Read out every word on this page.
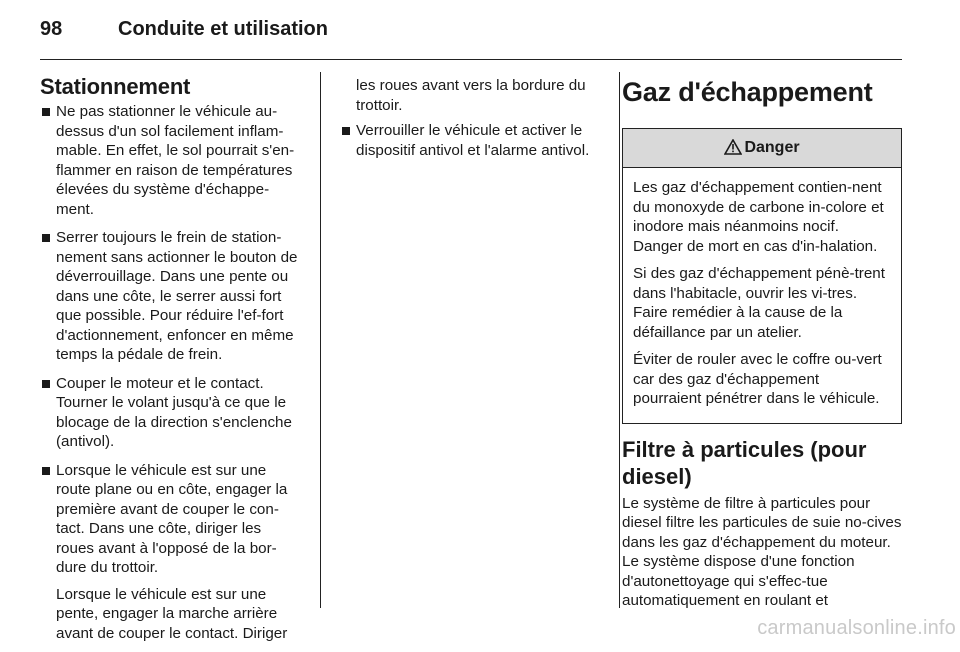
98	Conduite et utilisation
Stationnement

Ne pas stationner le véhicule au-dessus d'un sol facilement inflam-mable. En effet, le sol pourrait s'en-flammer en raison de températures élevées du système d'échappe-ment.

Serrer toujours le frein de station-nement sans actionner le bouton de déverrouillage. Dans une pente ou dans une côte, le serrer aussi fort que possible. Pour réduire l'ef-fort d'actionnement, enfoncer en même temps la pédale de frein.

Couper le moteur et le contact. Tourner le volant jusqu'à ce que le blocage de la direction s'enclenche (antivol).

Lorsque le véhicule est sur une route plane ou en côte, engager la première avant de couper le con-tact. Dans une côte, diriger les roues avant à l'opposé de la bor-dure du trottoir.

Lorsque le véhicule est sur une pente, engager la marche arrière avant de couper le contact. Diriger

les roues avant vers la bordure du trottoir.

Verrouiller le véhicule et activer le dispositif antivol et l'alarme antivol.

Gaz d'échappement
Danger

Les gaz d'échappement contien-nent du monoxyde de carbone in-colore et inodore mais néanmoins nocif. Danger de mort en cas d'in-halation.

Si des gaz d'échappement pénè-trent dans l'habitacle, ouvrir les vi-tres. Faire remédier à la cause de la défaillance par un atelier.

Éviter de rouler avec le coffre ou-vert car des gaz d'échappement pourraient pénétrer dans le véhicule.

Filtre à particules (pour diesel)

Le système de filtre à particules pour diesel filtre les particules de suie no-cives dans les gaz d'échappement du moteur. Le système dispose d'une fonction d'autonettoyage qui s'effec-tue automatiquement en roulant et

carmanualsonline.info
